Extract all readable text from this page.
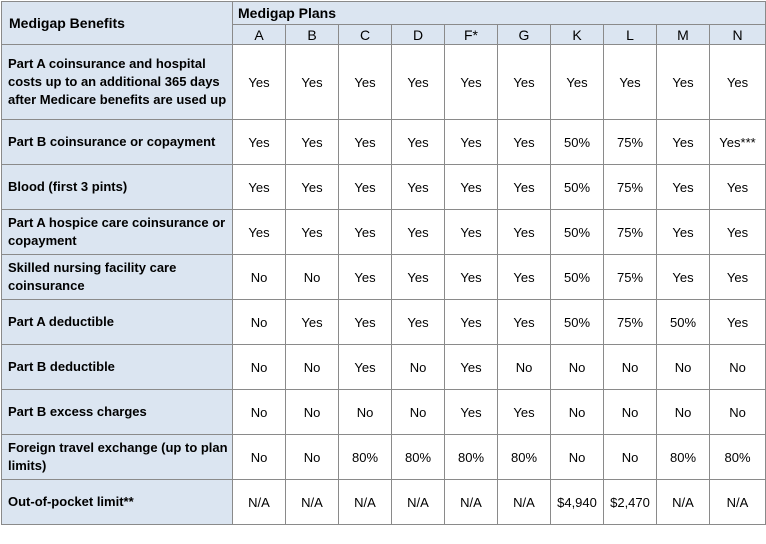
Medigap Benefits	Medigap Plans									
	A	B	C	D	F*	G	K	L	M	N
Part A coinsurance and hospital costs up to an additional 365 days after Medicare benefits are used up	Yes	Yes	Yes	Yes	Yes	Yes	Yes	Yes	Yes	Yes
Part B coinsurance or copayment	Yes	Yes	Yes	Yes	Yes	Yes	50%	75%	Yes	Yes***
Blood (first 3 pints)	Yes	Yes	Yes	Yes	Yes	Yes	50%	75%	Yes	Yes
Part A hospice care coinsurance or copayment	Yes	Yes	Yes	Yes	Yes	Yes	50%	75%	Yes	Yes
Skilled nursing facility care coinsurance	No	No	Yes	Yes	Yes	Yes	50%	75%	Yes	Yes
Part A deductible	No	Yes	Yes	Yes	Yes	Yes	50%	75%	50%	Yes
Part B deductible	No	No	Yes	No	Yes	No	No	No	No	No
Part B excess charges	No	No	No	No	Yes	Yes	No	No	No	No
Foreign travel exchange (up to plan limits)	No	No	80%	80%	80%	80%	No	No	80%	80%
Out-of-pocket limit**	N/A	N/A	N/A	N/A	N/A	N/A	$4,940	$2,470	N/A	N/A
